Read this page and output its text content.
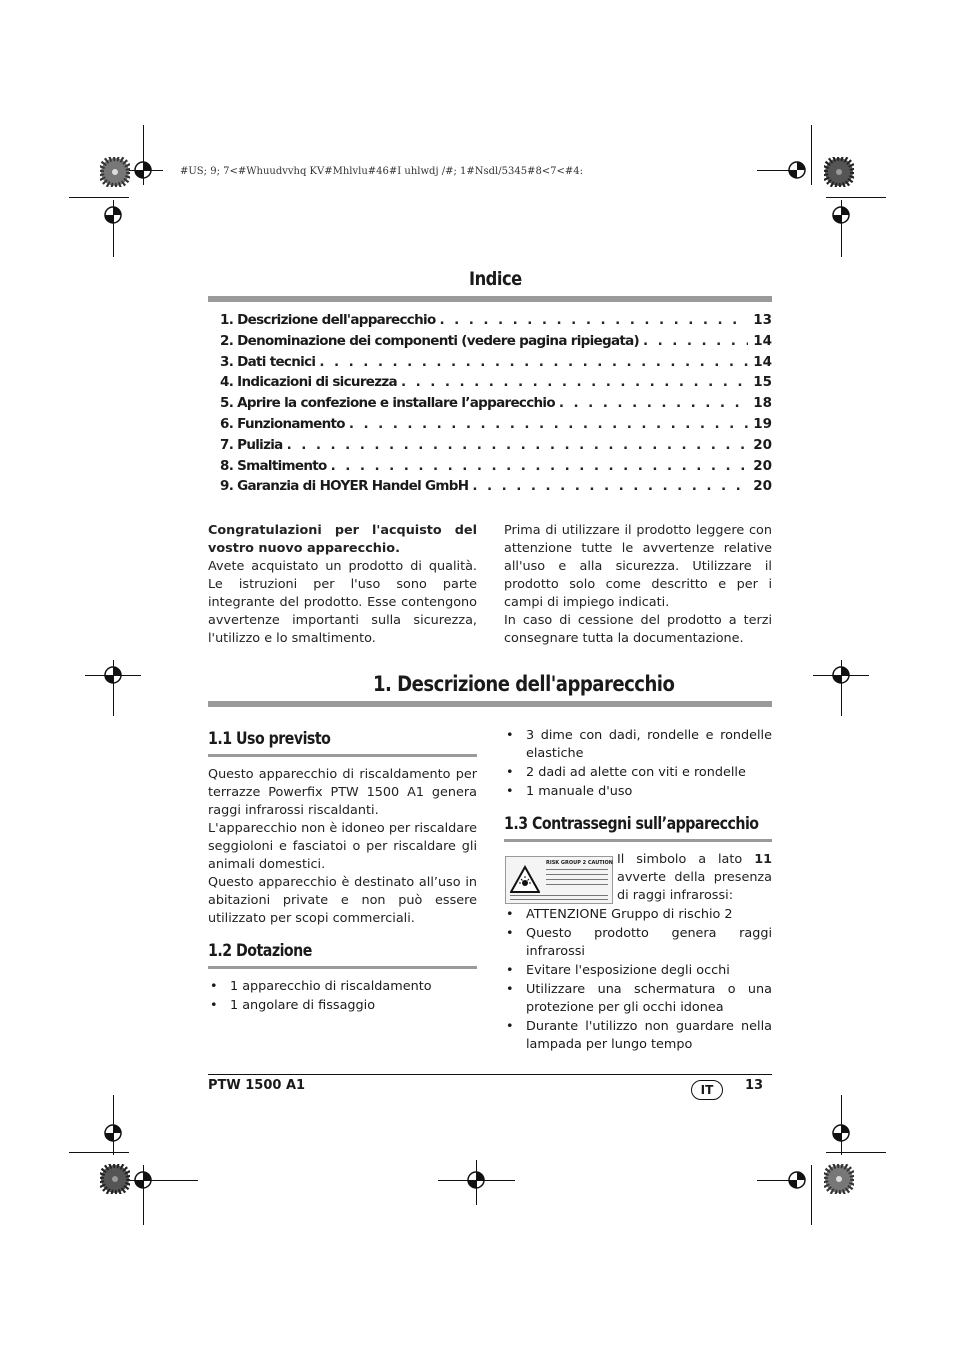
#US; 9; 7<#Whuudvvhq KV#Mhlvlu#46#I uhlwdj /#; 1#Nsdl/5345#8<7<#4:
Indice
1. Descrizione dell'apparecchio . . .	13
2. Denominazione dei componenti (vedere pagina ripiegata) . . .	14
3. Dati tecnici . . .	14
4. Indicazioni di sicurezza . . .	15
5. Aprire la confezione e installare l’apparecchio . . .	18
6. Funzionamento . . .	19
7. Pulizia . . .	20
8. Smaltimento . . .	20
9. Garanzia di HOYER Handel GmbH . . .	20
Congratulazioni per l'acquisto del vostro nuovo apparecchio.
Avete acquistato un prodotto di qualità. Le istruzioni per l'uso sono parte integrante del prodotto. Esse contengono avvertenze importanti sulla sicurezza, l'utilizzo e lo smaltimento.
Prima di utilizzare il prodotto leggere con attenzione tutte le avvertenze relative all'uso e alla sicurezza. Utilizzare il prodotto solo come descritto e per i campi di impiego indicati.
In caso di cessione del prodotto a terzi consegnare tutta la documentazione.
1. Descrizione dell'apparecchio
1.1 Uso previsto
Questo apparecchio di riscaldamento per terrazze Powerfix PTW 1500 A1 genera raggi infrarossi riscaldanti.
L'apparecchio non è idoneo per riscaldare seggioloni e fasciatoi o per riscaldare gli animali domestici.
Questo apparecchio è destinato all’uso in abitazioni private e non può essere utilizzato per scopi commerciali.
1.2 Dotazione
• 1 apparecchio di riscaldamento
• 1 angolare di fissaggio
• 3 dime con dadi, rondelle e rondelle elastiche
• 2 dadi ad alette con viti e rondelle
• 1 manuale d'uso
1.3 Contrassegni sull’apparecchio
RISK GROUP 2 CAUTION Il simbolo a lato 11 avverte della presenza di raggi infrarossi:
• ATTENZIONE Gruppo di rischio 2
• Questo prodotto genera raggi infrarossi
• Evitare l'esposizione degli occhi
• Utilizzare una schermatura o una protezione per gli occhi idonea
• Durante l'utilizzo non guardare nella lampada per lungo tempo
PTW 1500 A1	IT	13
